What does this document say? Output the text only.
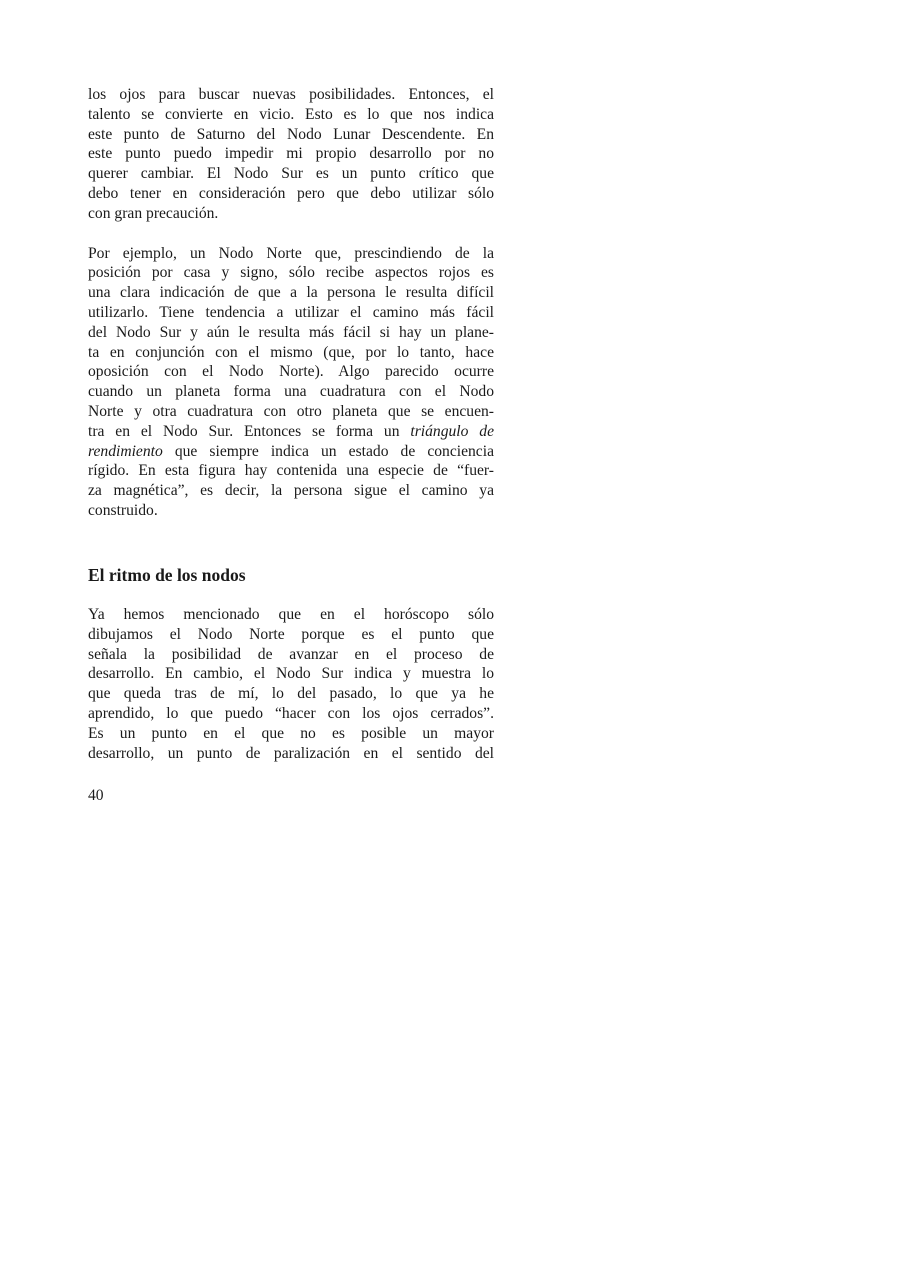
los ojos para buscar nuevas posibilidades. Entonces, el
talento se convierte en vicio. Esto es lo que nos indica
este punto de Saturno del Nodo Lunar Descendente. En
este punto puedo impedir mi propio desarrollo por no
querer cambiar. El Nodo Sur es un punto crítico que
debo tener en consideración pero que debo utilizar sólo
con gran precaución.
Por ejemplo, un Nodo Norte que, prescindiendo de la
posición por casa y signo, sólo recibe aspectos rojos es
una clara indicación de que a la persona le resulta difícil
utilizarlo. Tiene tendencia a utilizar el camino más fácil
del Nodo Sur y aún le resulta más fácil si hay un plane-
ta en conjunción con el mismo (que, por lo tanto, hace
oposición con el Nodo Norte). Algo parecido ocurre
cuando un planeta forma una cuadratura con el Nodo
Norte y otra cuadratura con otro planeta que se encuen-
tra en el Nodo Sur. Entonces se forma un triángulo de
rendimiento que siempre indica un estado de conciencia
rígido. En esta figura hay contenida una especie de “fuer-
za magnética”, es decir, la persona sigue el camino ya
construido.
El ritmo de los nodos
Ya hemos mencionado que en el horóscopo sólo
dibujamos el Nodo Norte porque es el punto que
señala la posibilidad de avanzar en el proceso de
desarrollo. En cambio, el Nodo Sur indica y muestra lo
que queda tras de mí, lo del pasado, lo que ya he
aprendido, lo que puedo “hacer con los ojos cerrados”.
Es un punto en el que no es posible un mayor
desarrollo, un punto de paralización en el sentido del
40
